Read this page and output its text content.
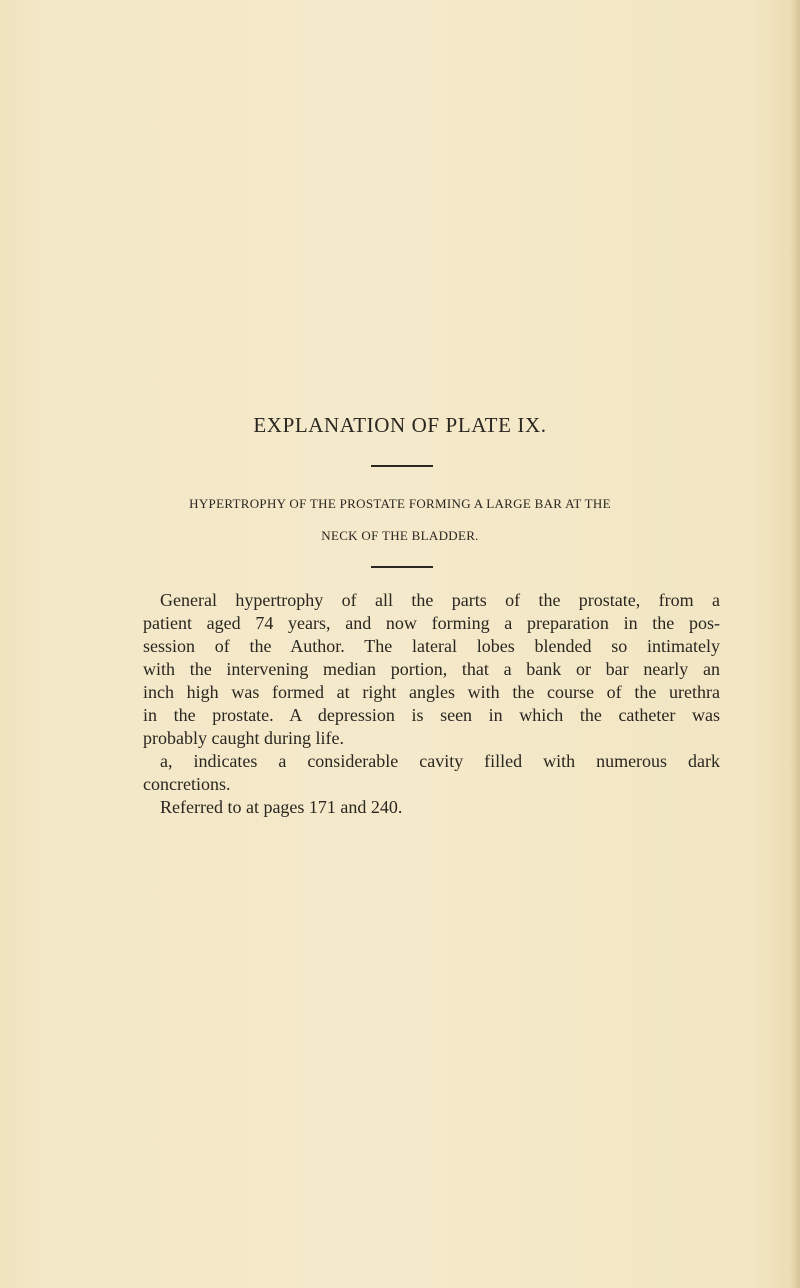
EXPLANATION OF PLATE IX.
HYPERTROPHY OF THE PROSTATE FORMING A LARGE BAR AT THE
NECK OF THE BLADDER.
General hypertrophy of all the parts of the prostate, from a
patient aged 74 years, and now forming a preparation in the pos-
session of the Author. The lateral lobes blended so intimately
with the intervening median portion, that a bank or bar nearly an
inch high was formed at right angles with the course of the urethra
in the prostate. A depression is seen in which the catheter was
probably caught during life.
a, indicates a considerable cavity filled with numerous dark
concretions.
Referred to at pages 171 and 240.
